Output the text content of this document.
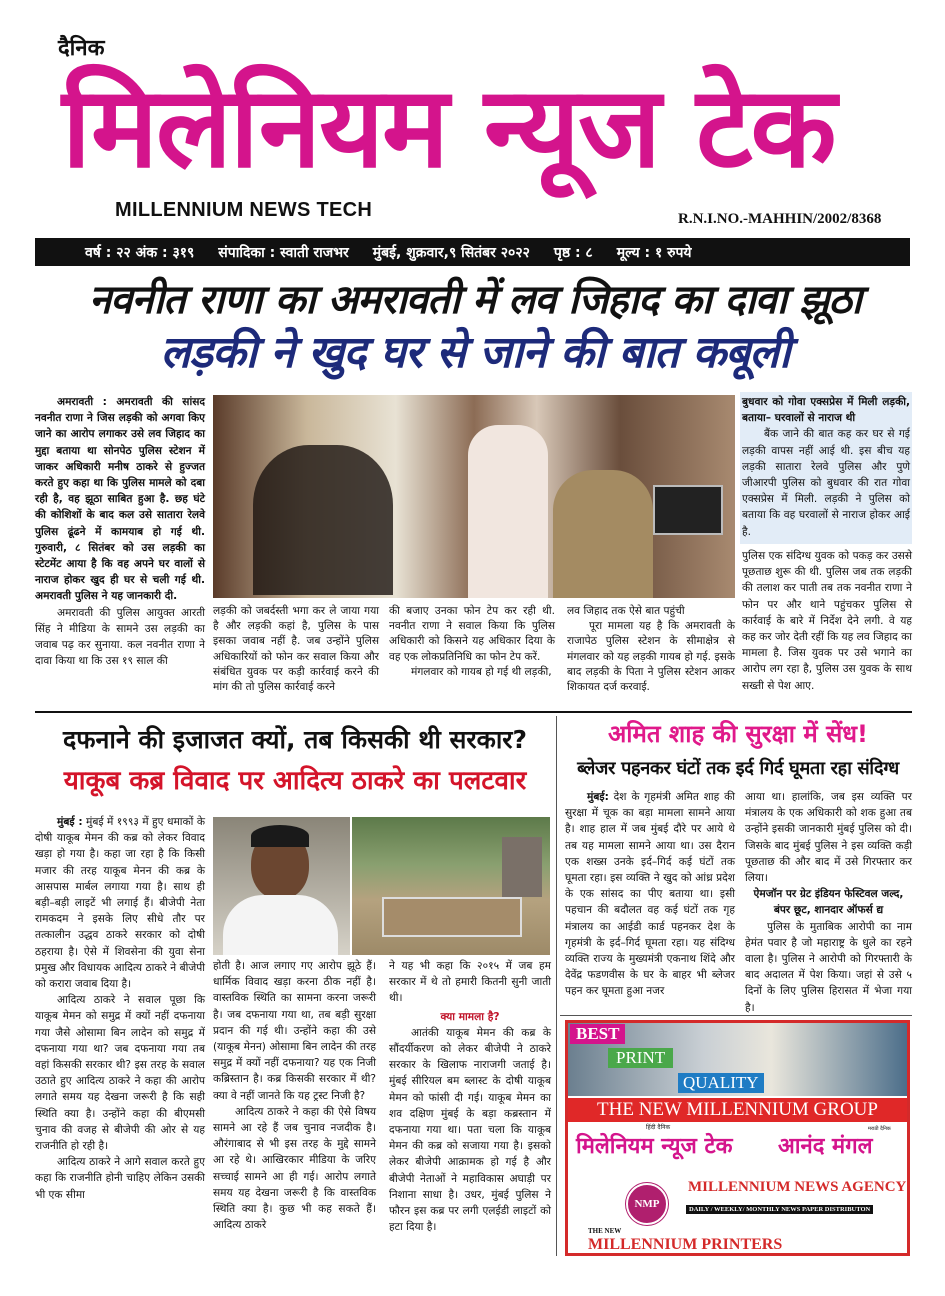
दैनिक
मिलेनियम न्यूज टेक
MILLENNIUM NEWS TECH	R.N.I.NO.-MAHHIN/2002/8368
वर्ष : २२ अंक : ३१९ संपादिका : स्वाती राजभर मुंबई, शुक्रवार,९ सितंबर २०२२ पृष्ठ : ८ मूल्य : १ रुपये
नवनीत राणा का अमरावती में लव जिहाद का दावा झूठा
लड़की ने खुद घर से जाने की बात कबूली

अमरावती : अमरावती की सांसद नवनीत राणा ने जिस लड़की को अगवा किए जाने का आरोप लगाकर उसे लव जिहाद का मुद्दा बताया था सोनपेठ पुलिस स्टेशन में जाकर अधिकारी मनीष ठाकरे से हुज्जत करते हुए कहा था कि पुलिस मामले को दबा रही है, वह झूठा साबित हुआ है. छह घंटे की कोशिशों के बाद कल उसे सातारा रेलवे पुलिस ढूंढने में कामयाब हो गई थी. गुरुवारी, ८ सितंबर को उस लड़की का स्टेटमेंट आया है कि वह अपने घर वालों से नाराज होकर खुद ही घर से चली गई थी. अमरावती पुलिस ने यह जानकारी दी.

अमरावती की पुलिस आयुक्त आरती सिंह ने मीडिया के सामने उस लड़की का जवाब पढ़ कर सुनाया. कल नवनीत राणा ने दावा किया था कि उस १९ साल की

लड़की को जबर्दस्ती भगा कर ले जाया गया है और लड़की कहां है, पुलिस के पास इसका जवाब नहीं है. जब उन्होंने पुलिस अधिकारियों को फोन कर सवाल किया और संबंधित युवक पर कड़ी कार्रवाई करने की मांग की तो पुलिस कार्रवाई करने
की बजाए उनका फोन टेप कर रही थी. नवनीत राणा ने सवाल किया कि पुलिस अधिकारी को किसने यह अधिकार दिया के वह एक लोकप्रतिनिधि का फोन टेप करें.

मंगलवार को गायब हो गई थी लड़की,

लव जिहाद तक ऐसे बात पहुंची

पूरा मामला यह है कि अमरावती के राजापेठ पुलिस स्टेशन के सीमाक्षेत्र से मंगलवार को यह लड़की गायब हो गई. इसके बाद लड़की के पिता ने पुलिस स्टेशन आकर शिकायत दर्ज करवाई.

बुधवार को गोवा एक्सप्रेस में मिली लड़की, बताया– घरवालों से नाराज थी

बैंक जाने की बात कह कर घर से गई लड़की वापस नहीं आई थी. इस बीच यह लड़की सातारा रेलवे पुलिस और पुणे जीआरपी पुलिस को बुधवार की रात गोवा एक्सप्रेस में मिली. लड़की ने पुलिस को बताया कि वह घरवालों से नाराज होकर आई है.

पुलिस एक संदिग्ध युवक को पकड़ कर उससे पूछताछ शुरू की थी. पुलिस जब तक लड़की की तलाश कर पाती तब तक नवनीत राणा ने फोन पर और थाने पहुंचकर पुलिस से कार्रवाई के बारे में निर्देश देने लगी. वे यह कह कर जोर देती रहीं कि यह लव जिहाद का मामला है. जिस युवक पर उसे भगाने का आरोप लग रहा है, पुलिस उस युवक के साथ सख्ती से पेश आए.
दफनाने की इजाजत क्यों, तब किसकी थी सरकार?
याकूब कब्र विवाद पर आदित्य ठाकरे का पलटवार

मुंबई : मुंबई में १९९३ में हुए धमाकों के दोषी याकूब मेमन की कब्र को लेकर विवाद खड़ा हो गया है। कहा जा रहा है कि किसी मजार की तरह याकूब मेनन की कब्र के आसपास मार्बल लगाया गया है। साथ ही बड़ी–बड़ी लाइटें भी लगाई हैं। बीजेपी नेता रामकदम ने इसके लिए सीधे तौर पर तत्कालीन उद्धव ठाकरे सरकार को दोषी ठहराया है। ऐसे में शिवसेना की युवा सेना प्रमुख और विधायक आदित्य ठाकरे ने बीजेपी को करारा जवाब दिया है।

आदित्य ठाकरे ने सवाल पूछा कि याकूब मेमन को समुद्र में क्यों नहीं दफनाया गया जैसे ओसामा बिन लादेन को समुद्र में दफनाया गया था? जब दफनाया गया तब वहां किसकी सरकार थी? इस तरह के सवाल उठाते हुए आदित्य ठाकरे ने कहा की आरोप लगाते समय यह देखना जरूरी है कि सही स्थिति क्या है। उन्होंने कहा की बीएमसी चुनाव की वजह से बीजेपी की ओर से यह राजनीति हो रही है।

आदित्य ठाकरे ने आगे सवाल करते हुए कहा कि राजनीति होनी चाहिए लेकिन उसकी भी एक सीमा

होती है। आज लगाए गए आरोप झूठे हैं। धार्मिक विवाद खड़ा करना ठीक नहीं है। वास्तविक स्थिति का सामना करना जरूरी है। जब दफनाया गया था, तब बड़ी सुरक्षा प्रदान की गई थी। उन्होंने कहा की उसे (याकूब मेनन) ओसामा बिन लादेन की तरह समुद्र में क्यों नहीं दफनाया? यह एक निजी कब्रिस्तान है। कब्र किसकी सरकार में थी? क्या वे नहीं जानते कि यह ट्रस्ट निजी है?

आदित्य ठाकरे ने कहा की ऐसे विषय सामने आ रहे हैं जब चुनाव नजदीक है। औरंगाबाद से भी इस तरह के मुद्दे सामने आ रहे थे। आखिरकार मीडिया के जरिए सच्चाई सामने आ ही गई। आरोप लगाते समय यह देखना जरूरी है कि वास्तविक स्थिति क्या है। कुछ भी कह सकते हैं। आदित्य ठाकरे

ने यह भी कहा कि २०१५ में जब हम सरकार में थे तो हमारी कितनी सुनी जाती थी।
क्या मामला है?

आतंकी याकूब मेमन की कब्र के सौंदर्यीकरण को लेकर बीजेपी ने ठाकरे सरकार के खिलाफ नाराजगी जताई है। मुंबई सीरियल बम ब्लास्ट के दोषी याकूब मेमन को फांसी दी गई। याकूब मेमन का शव दक्षिण मुंबई के बड़ा कब्रस्तान में दफनाया गया था। पता चला कि याकूब मेमन की कब्र को सजाया गया है। इसको लेकर बीजेपी आक्रामक हो गई है और बीजेपी नेताओं ने महाविकास अघाड़ी पर निशाना साधा है। उधर, मुंबई पुलिस ने फौरन इस कब्र पर लगी एलईडी लाइटों को हटा दिया है।

अमित शाह की सुरक्षा में सेंध!
ब्लेजर पहनकर घंटों तक इर्द गिर्द घूमता रहा संदिग्ध

मुंबई: देश के गृहमंत्री अमित शाह की सुरक्षा में चूक का बड़ा मामला सामने आया है। शाह हाल में जब मुंबई दौरे पर आये थे तब यह मामला सामने आया था। उस दैरान एक शख्स उनके इर्द–गिर्द कई घंटों तक घूमता रहा। इस व्यक्ति ने खुद को आंध्र प्रदेश के एक सांसद का पीए बताया था। इसी पहचान की बदौलत वह कई घंटों तक गृह मंत्रालय का आईडी कार्ड पहनकर देश के गृहमंत्री के इर्द–गिर्द घूमता रहा। यह संदिग्ध व्यक्ति राज्य के मुख्यमंत्री एकनाथ शिंदे और देवेंद्र फडणवीस के घर के बाहर भी ब्लेजर पहन कर घूमता हुआ नजर

आया था। हालांकि, जब इस व्यक्ति पर मंत्रालय के एक अधिकारी को शक हुआ तब उन्होंने इसकी जानकारी मुंबई पुलिस को दी। जिसके बाद मुंबई पुलिस ने इस व्यक्ति कड़ी पूछताछ की और बाद में उसे गिरफ्तार कर लिया।
ऐमजॉन पर ग्रेट इंडियन फेस्टिवल जल्द, बंपर छूट, शानदार ऑफर्स द्य

पुलिस के मुताबिक आरोपी का नाम हेमंत पवार है जो महाराष्ट्र के धुले का रहने वाला है। पुलिस ने आरोपी को गिरफ्तारी के बाद अदालत में पेश किया। जहां से उसे ५ दिनों के लिए पुलिस हिरासत में भेजा गया है।

BEST
PRINT
QUALITY
THE NEW MILLENNIUM GROUP
हिंदी दैनिक
मिलेनियम न्यूज टेक
मराठी दैनिक
आनंद मंगल
NMP
MILLENNIUM NEWS AGENCY
DAILY / WEEKLY/ MONTHLY NEWS PAPER DISTRIBUTON
THE NEW
MILLENNIUM PRINTERS
